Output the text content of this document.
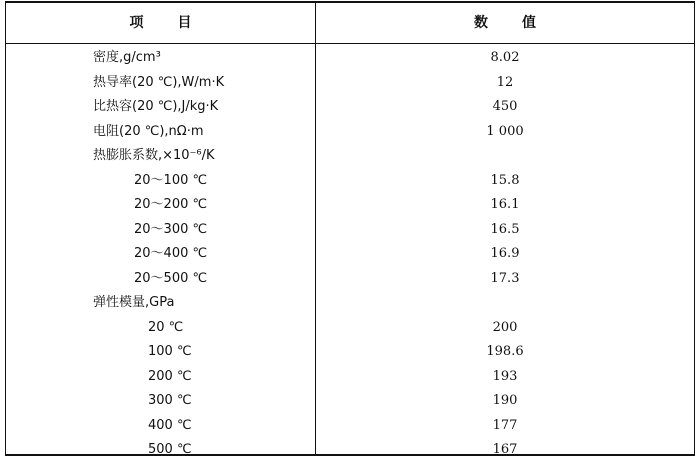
项目	数值
密度,g/cm³	8.02
热导率(20 ℃),W/m·K	12
比热容(20 ℃),J/kg·K	450
电阻(20 ℃),nΩ·m	1 000
热膨胀系数,×10⁻⁶/K
20～100 ℃	15.8
20～200 ℃	16.1
20～300 ℃	16.5
20～400 ℃	16.9
20～500 ℃	17.3
弹性模量,GPa
20 ℃	200
100 ℃	198.6
200 ℃	193
300 ℃	190
400 ℃	177
500 ℃	167
